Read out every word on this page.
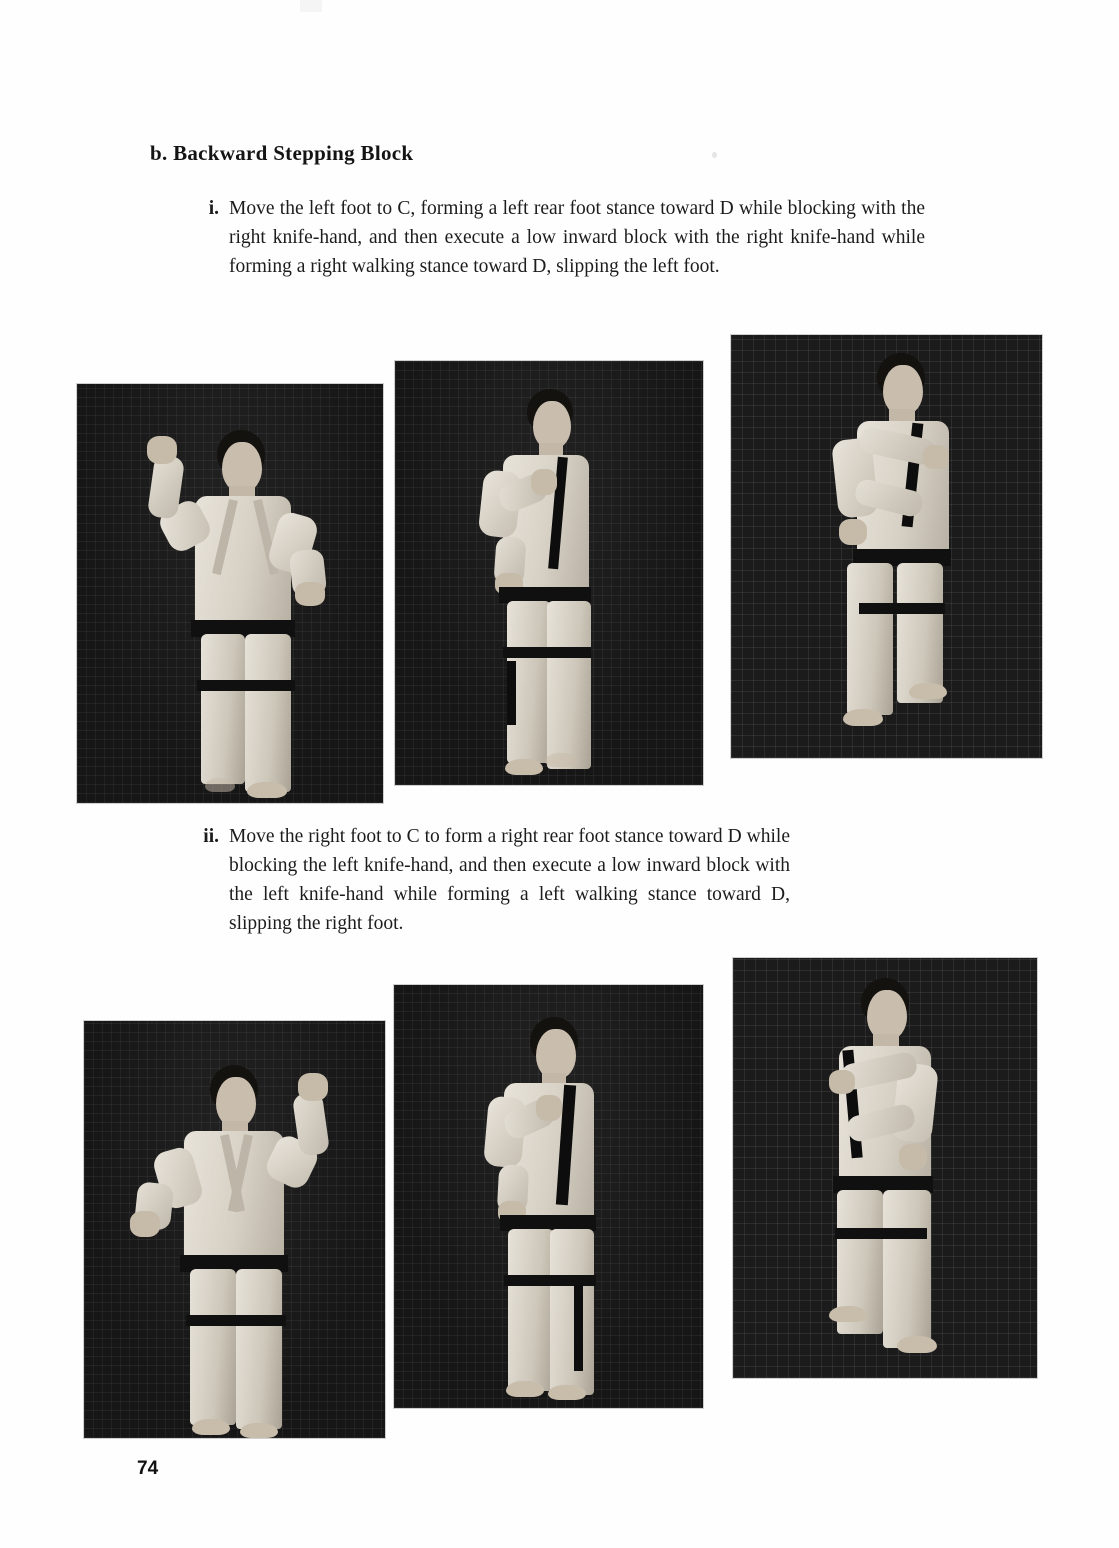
b. Backward Stepping Block
i. Move the left foot to C, forming a left rear foot stance toward D while blocking with the right knife-hand, and then execute a low inward block with the right knife-hand while forming a right walking stance toward D, slipping the left foot.
ii. Move the right foot to C to form a right rear foot stance toward D while blocking the left knife-hand, and then execute a low inward block with the left knife-hand while forming a left walking stance toward D, slipping the right foot.
74
